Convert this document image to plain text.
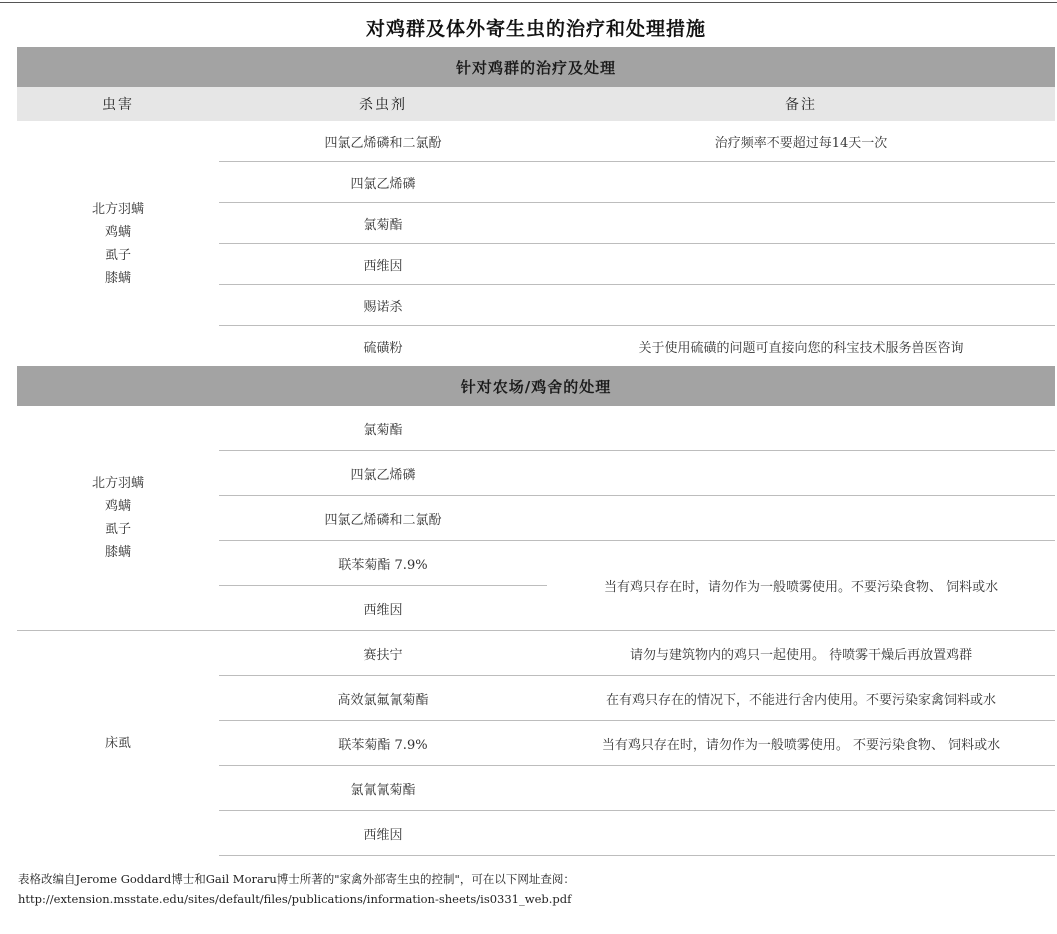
对鸡群及体外寄生虫的治疗和处理措施
针对鸡群的治疗及处理		
虫害	杀虫剂	备注

北方羽螨
鸡螨
虱子
膝螨	四氯乙烯磷和二氯酚	治疗频率不要超过每14天一次
	四氯乙烯磷	
	氯菊酯	
	西维因	
	赐诺杀	
	硫磺粉	关于使用硫磺的问题可直接向您的科宝技术服务兽医咨询
针对农场/鸡舍的处理		

北方羽螨
鸡螨
虱子
膝螨	氯菊酯	
	四氯乙烯磷	
	四氯乙烯磷和二氯酚	
	联苯菊酯 7.9%	当有鸡只存在时，请勿作为一般喷雾使用。不要污染食物、 饲料或水
	西维因	
床虱	赛扶宁	请勿与建筑物内的鸡只一起使用。 待喷雾干燥后再放置鸡群
	高效氯氟氰菊酯	在有鸡只存在的情况下，不能进行舍内使用。不要污染家禽饲料或水
	联苯菊酯 7.9%	当有鸡只存在时，请勿作为一般喷雾使用。 不要污染食物、 饲料或水
	氯氰氰菊酯	
	西维因	
表格改编自Jerome Goddard博士和Gail Moraru博士所著的"家禽外部寄生虫的控制"，可在以下网址查阅：
http://extension.msstate.edu/sites/default/files/publications/information-sheets/is0331_web.pdf
